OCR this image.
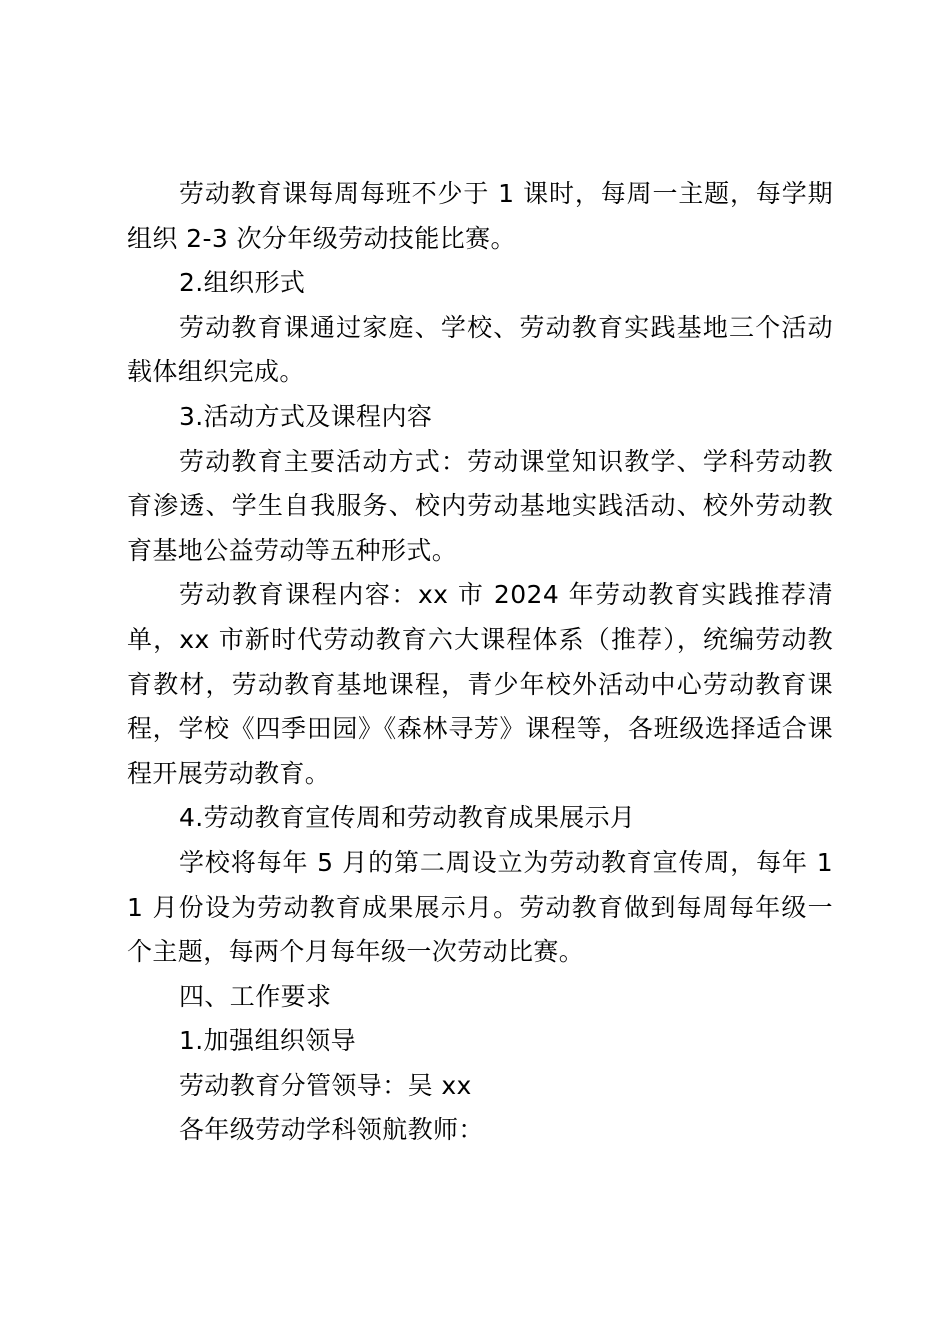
劳动教育课每周每班不少于 1 课时，每周一主题，每学期组织 2-3 次分年级劳动技能比赛。

2.组织形式

劳动教育课通过家庭、学校、劳动教育实践基地三个活动载体组织完成。

3.活动方式及课程内容

劳动教育主要活动方式：劳动课堂知识教学、学科劳动教育渗透、学生自我服务、校内劳动基地实践活动、校外劳动教育基地公益劳动等五种形式。

劳动教育课程内容：xx 市 2024 年劳动教育实践推荐清单，xx 市新时代劳动教育六大课程体系（推荐），统编劳动教育教材，劳动教育基地课程，青少年校外活动中心劳动教育课程，学校《四季田园》《森林寻芳》课程等，各班级选择适合课程开展劳动教育。

4.劳动教育宣传周和劳动教育成果展示月

学校将每年 5 月的第二周设立为劳动教育宣传周，每年 11 月份设为劳动教育成果展示月。劳动教育做到每周每年级一个主题，每两个月每年级一次劳动比赛。

四、工作要求

1.加强组织领导

劳动教育分管领导：吴 xx

各年级劳动学科领航教师：
